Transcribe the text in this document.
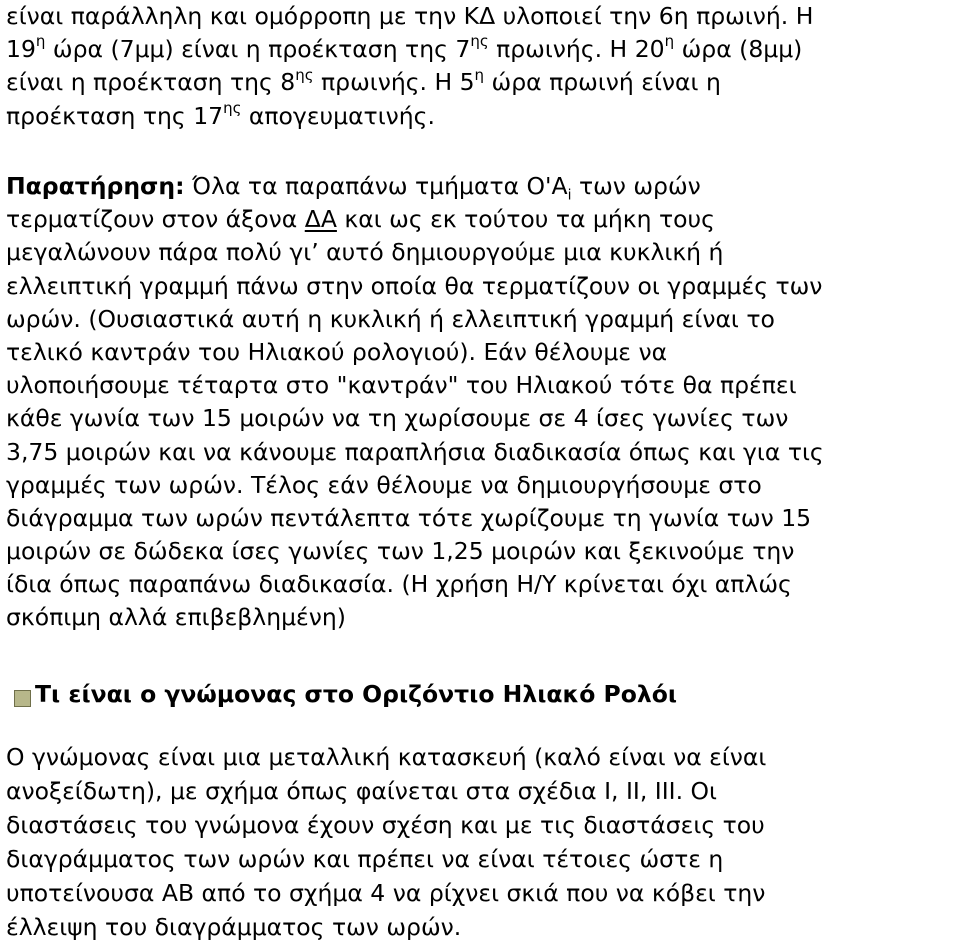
είναι παράλληλη και ομόρροπη με την ΚΔ υλοποιεί την 6η πρωινή. Η
$19^\eta$ ώρα (7μμ) είναι η προέκταση της $7^{\eta\varsigma}$ πρωινής. Η $20^\eta$ ώρα (8μμ)
είναι η προέκταση της $8^{\eta\varsigma}$ πρωινής. Η $5^\eta$ ώρα πρωινή είναι η
προέκταση της $17^{\eta\varsigma}$ απογευματινής.
Παρατήρηση: Όλα τα παραπάνω τμήματα $O'A_i$ των ωρών
τερματίζουν στον άξονα ΔΑ και ως εκ τούτου τα μήκη τους
μεγαλώνουν πάρα πολύ γι’ αυτό δημιουργούμε μια κυκλική ή
ελλειπτική γραμμή πάνω στην οποία θα τερματίζουν οι γραμμές των
ωρών. (Ουσιαστικά αυτή η κυκλική ή ελλειπτική γραμμή είναι το
τελικό καντράν του Ηλιακού ρολογιού). Εάν θέλουμε να
υλοποιήσουμε τέταρτα στο "καντράν" του Ηλιακού τότε θα πρέπει
κάθε γωνία των 15 μοιρών να τη χωρίσουμε σε 4 ίσες γωνίες των
3,75 μοιρών και να κάνουμε παραπλήσια διαδικασία όπως και για τις
γραμμές των ωρών. Τέλος εάν θέλουμε να δημιουργήσουμε στο
διάγραμμα των ωρών πεντάλεπτα τότε χωρίζουμε τη γωνία των 15
μοιρών σε δώδεκα ίσες γωνίες των 1,25 μοιρών και ξεκινούμε την
ίδια όπως παραπάνω διαδικασία. (Η χρήση Η/Υ κρίνεται όχι απλώς
σκόπιμη αλλά επιβεβλημένη)
Τι είναι ο γνώμονας στο Οριζόντιο Ηλιακό Ρολόι
Ο γνώμονας είναι μια μεταλλική κατασκευή (καλό είναι να είναι
ανοξείδωτη), με σχήμα όπως φαίνεται στα σχέδια Ι, ΙΙ, ΙΙΙ. Οι
διαστάσεις του γνώμονα έχουν σχέση και με τις διαστάσεις του
διαγράμματος των ωρών και πρέπει να είναι τέτοιες ώστε η
υποτείνουσα ΑΒ από το σχήμα 4 να ρίχνει σκιά που να κόβει την
έλλειψη του διαγράμματος των ωρών.
